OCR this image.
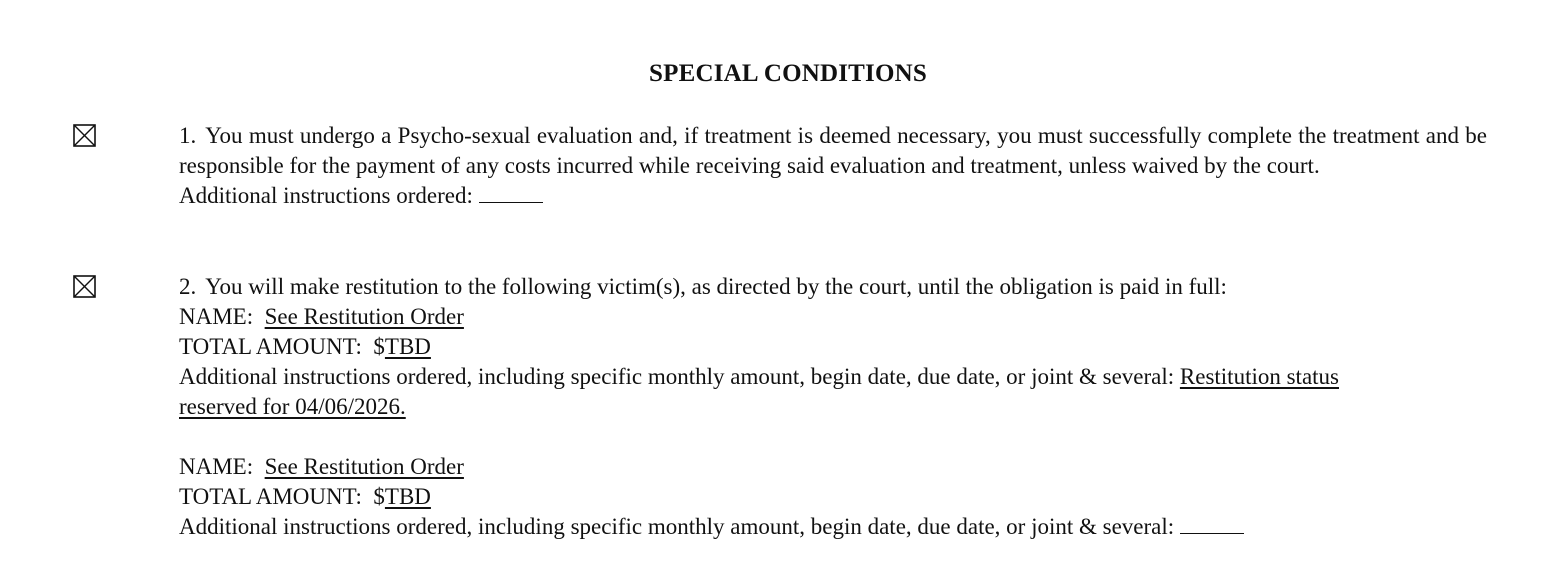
SPECIAL CONDITIONS
1. You must undergo a Psycho-sexual evaluation and, if treatment is deemed necessary, you must successfully complete the treatment and be responsible for the payment of any costs incurred while receiving said evaluation and treatment, unless waived by the court.
Additional instructions ordered:
2. You will make restitution to the following victim(s), as directed by the court, until the obligation is paid in full:
NAME: See Restitution Order
TOTAL AMOUNT: $TBD
Additional instructions ordered, including specific monthly amount, begin date, due date, or joint & several: Restitution status
reserved for 04/06/2026.
NAME: See Restitution Order
TOTAL AMOUNT: $TBD
Additional instructions ordered, including specific monthly amount, begin date, due date, or joint & several:
